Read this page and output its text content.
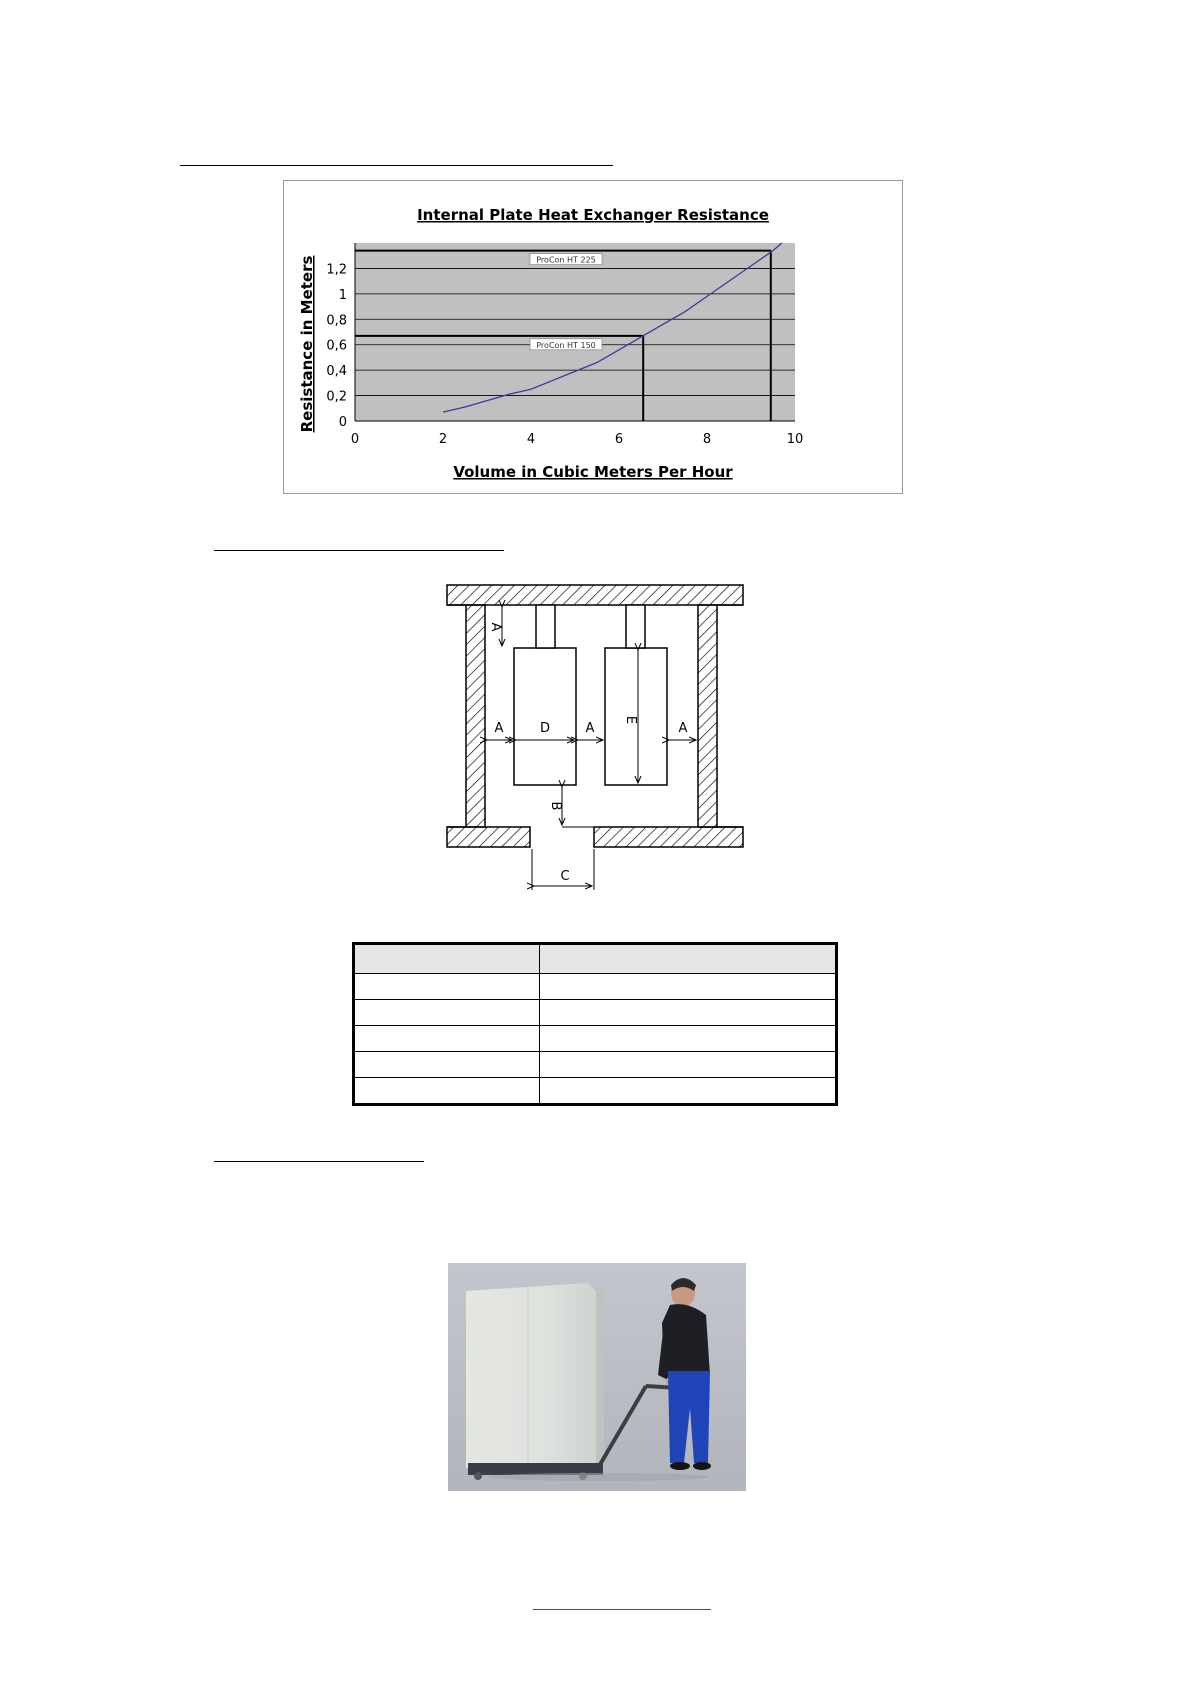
Internal Plate Heat Exchanger Resistance
0
0,2
0,4
0,6
0,8
1
1,2
0	2	4	6	8	10
ProCon HT 225
ProCon HT 150
Volume in Cubic Meters Per Hour
Resistance in Meters
A
A	D	A
E
A
B
C
